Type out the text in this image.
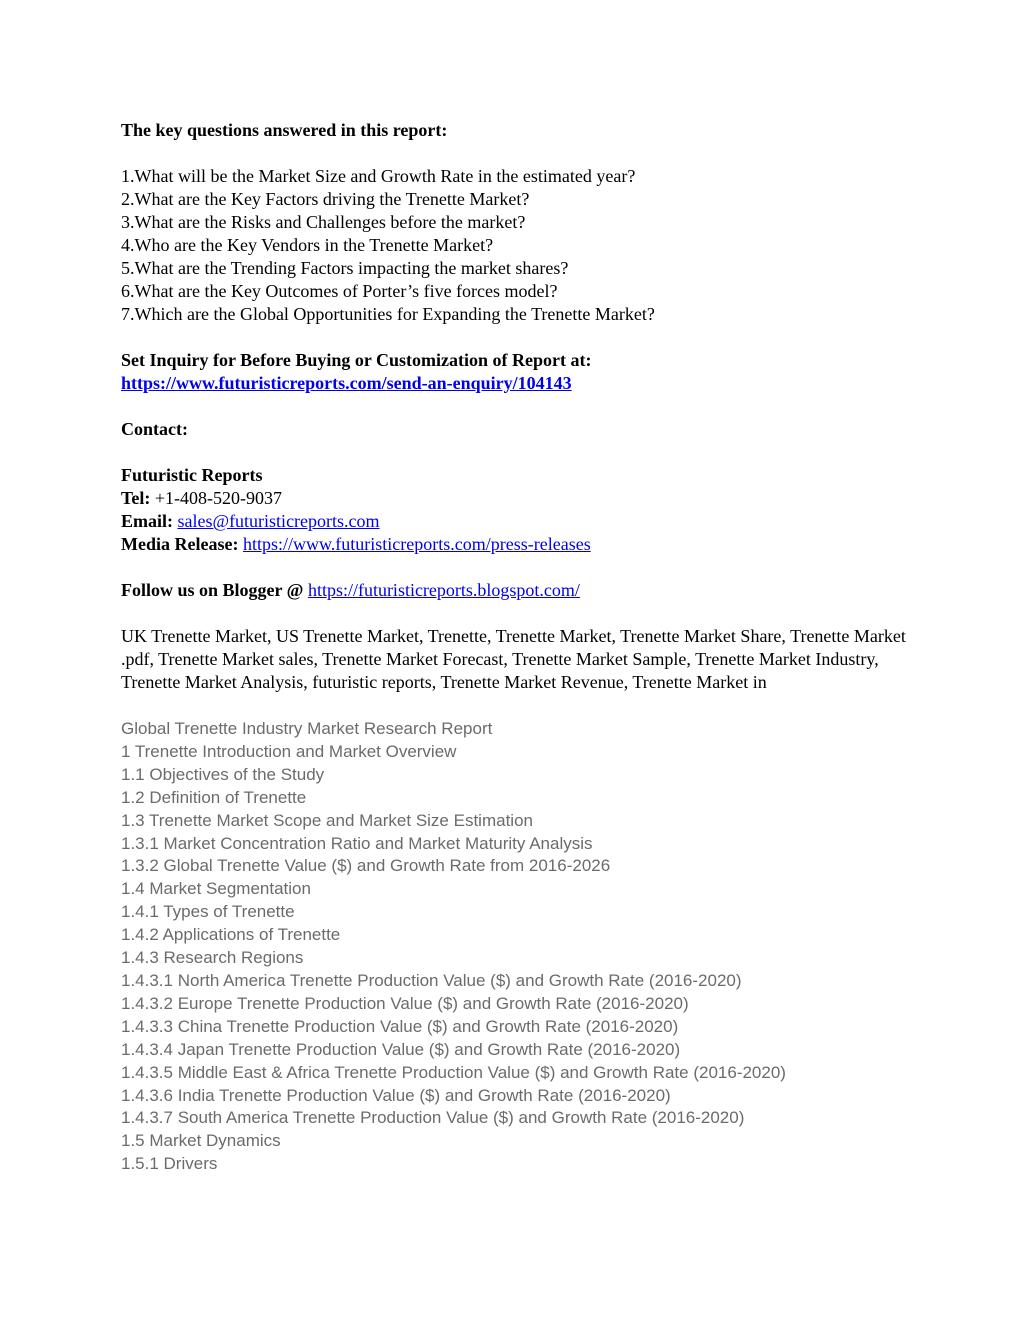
The key questions answered in this report:
1.What will be the Market Size and Growth Rate in the estimated year?
2.What are the Key Factors driving the Trenette Market?
3.What are the Risks and Challenges before the market?
4.Who are the Key Vendors in the Trenette Market?
5.What are the Trending Factors impacting the market shares?
6.What are the Key Outcomes of Porter’s five forces model?
7.Which are the Global Opportunities for Expanding the Trenette Market?
Set Inquiry for Before Buying or Customization of Report at:
https://www.futuristicreports.com/send-an-enquiry/104143
Contact:
Futuristic Reports
Tel: +1-408-520-9037
Email: sales@futuristicreports.com
Media Release: https://www.futuristicreports.com/press-releases
Follow us on Blogger @ https://futuristicreports.blogspot.com/
UK Trenette Market, US Trenette Market, Trenette, Trenette Market, Trenette Market Share, Trenette Market .pdf, Trenette Market sales, Trenette Market Forecast, Trenette Market Sample, Trenette Market Industry, Trenette Market Analysis, futuristic reports, Trenette Market Revenue, Trenette Market in
Global Trenette Industry Market Research Report
1 Trenette Introduction and Market Overview
1.1 Objectives of the Study
1.2 Definition of Trenette
1.3 Trenette Market Scope and Market Size Estimation
1.3.1 Market Concentration Ratio and Market Maturity Analysis
1.3.2 Global Trenette Value ($) and Growth Rate from 2016-2026
1.4 Market Segmentation
1.4.1 Types of Trenette
1.4.2 Applications of Trenette
1.4.3 Research Regions
1.4.3.1 North America Trenette Production Value ($) and Growth Rate (2016-2020)
1.4.3.2 Europe Trenette Production Value ($) and Growth Rate (2016-2020)
1.4.3.3 China Trenette Production Value ($) and Growth Rate (2016-2020)
1.4.3.4 Japan Trenette Production Value ($) and Growth Rate (2016-2020)
1.4.3.5 Middle East & Africa Trenette Production Value ($) and Growth Rate (2016-2020)
1.4.3.6 India Trenette Production Value ($) and Growth Rate (2016-2020)
1.4.3.7 South America Trenette Production Value ($) and Growth Rate (2016-2020)
1.5 Market Dynamics
1.5.1 Drivers
